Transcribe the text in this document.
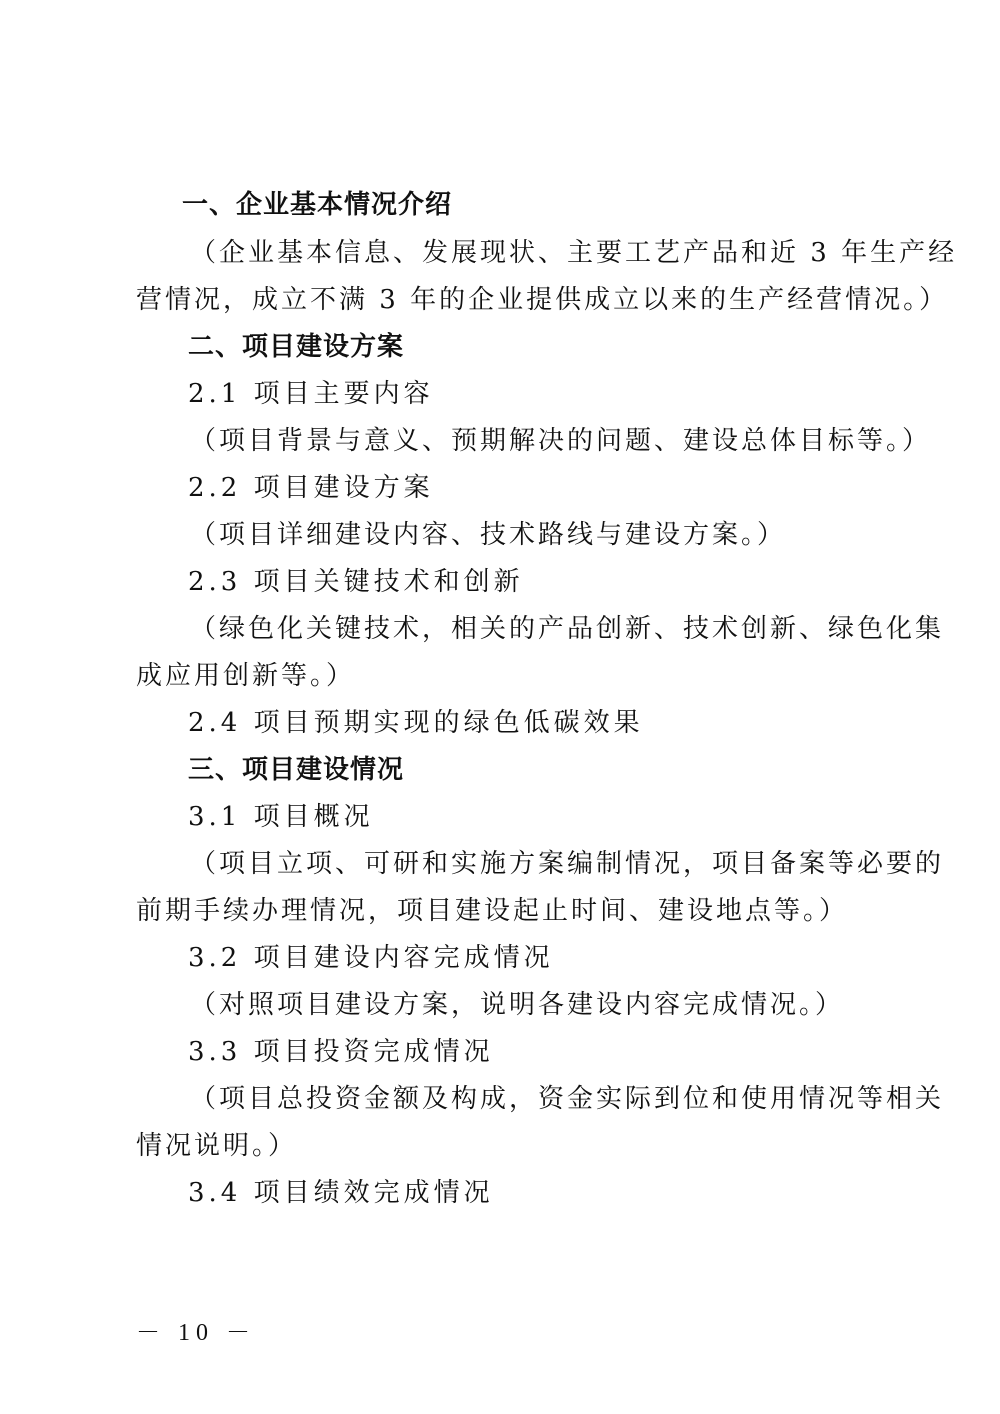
一、企业基本情况介绍
（企业基本信息、发展现状、主要工艺产品和近 3 年生产经
营情况，成立不满 3 年的企业提供成立以来的生产经营情况。）
二、项目建设方案
2.1 项目主要内容
（项目背景与意义、预期解决的问题、建设总体目标等。）
2.2 项目建设方案
（项目详细建设内容、技术路线与建设方案。）
2.3 项目关键技术和创新
（绿色化关键技术，相关的产品创新、技术创新、绿色化集
成应用创新等。）
2.4 项目预期实现的绿色低碳效果
三、项目建设情况
3.1 项目概况
（项目立项、可研和实施方案编制情况，项目备案等必要的
前期手续办理情况，项目建设起止时间、建设地点等。）
3.2 项目建设内容完成情况
（对照项目建设方案，说明各建设内容完成情况。）
3.3 项目投资完成情况
（项目总投资金额及构成，资金实际到位和使用情况等相关
情况说明。）
3.4 项目绩效完成情况
－ 10 －
